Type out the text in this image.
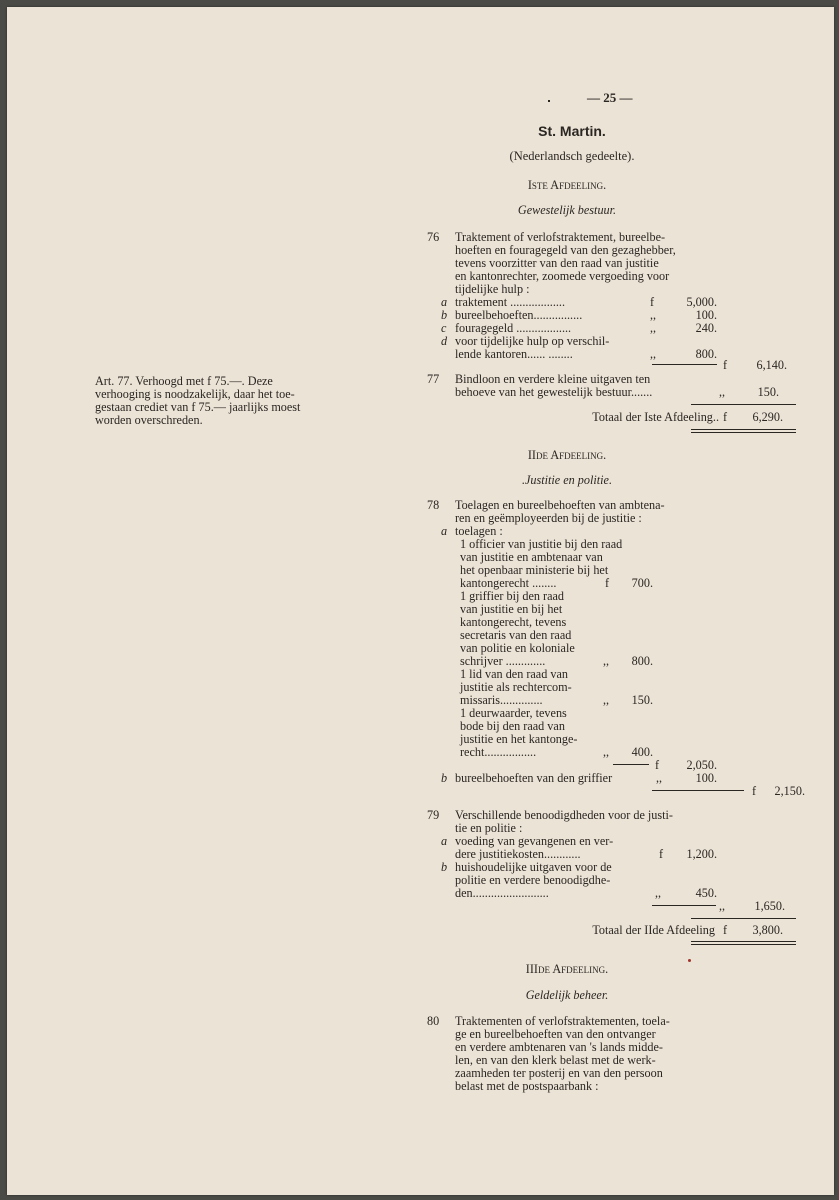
— 25 —
St. Martin.
(Nederlandsch gedeelte).
Iste Afdeeling.
Gewestelijk bestuur.
76 Traktement of verlofstraktement, bureelbe-
hoeften en fouragegeld van den gezaghebber,
tevens voorzitter van den raad van justitie
en kantonrechter, zoomede vergoeding voor
tijdelijke hulp :
a traktement ..................	f	5,000.
b bureelbehoeften................	,,	100.
c fouragegeld ..................	,,	240.
d voor tijdelijke hulp op verschil-
lende kantoren...... ........	,,	800.
f	6,140.
Art. 77. Verhoogd met f 75.—. Deze
verhooging is noodzakelijk, daar het toe-
gestaan crediet van f 75.— jaarlijks moest
worden overschreden.
77 Bindloon en verdere kleine uitgaven ten
behoeve van het gewestelijk bestuur.......	,,	150.
Totaal der Iste Afdeeling.. f	6,290.
IIde Afdeeling.
.Justitie en politie.
78 Toelagen en bureelbehoeften van ambtena-
ren en geëmployeerden bij de justitie :
a toelagen :
1 officier van justitie bij den raad
van justitie en ambtenaar van
het openbaar ministerie bij het
kantongerecht ........	f	700.
1 griffier bij den raad
van justitie en bij het
kantongerecht, tevens
secretaris van den raad
van politie en koloniale
schrijver .............	,,	800.
1 lid van den raad van
justitie als rechtercom-
missaris..............	,,	150.
1 deurwaarder, tevens
bode bij den raad van
justitie en het kantonge-
recht.................	,,	400.
f	2,050.
b bureelbehoeften van den griffier	,,	100.
f	2,150.
79 Verschillende benoodigdheden voor de justi-
tie en politie :
a voeding van gevangenen en ver-
dere justitiekosten............	f	1,200.
b huishoudelijke uitgaven voor de
politie en verdere benoodigdhe-
den.........................	,,	450.
,,	1,650.
Totaal der IIde Afdeeling f	3,800.
IIIde Afdeeling.
Geldelijk beheer.
80 Traktementen of verlofstraktementen, toela-
ge en bureelbehoeften van den ontvanger
en verdere ambtenaren van 's lands midde-
len, en van den klerk belast met de werk-
zaamheden ter posterij en van den persoon
belast met de postspaarbank :
